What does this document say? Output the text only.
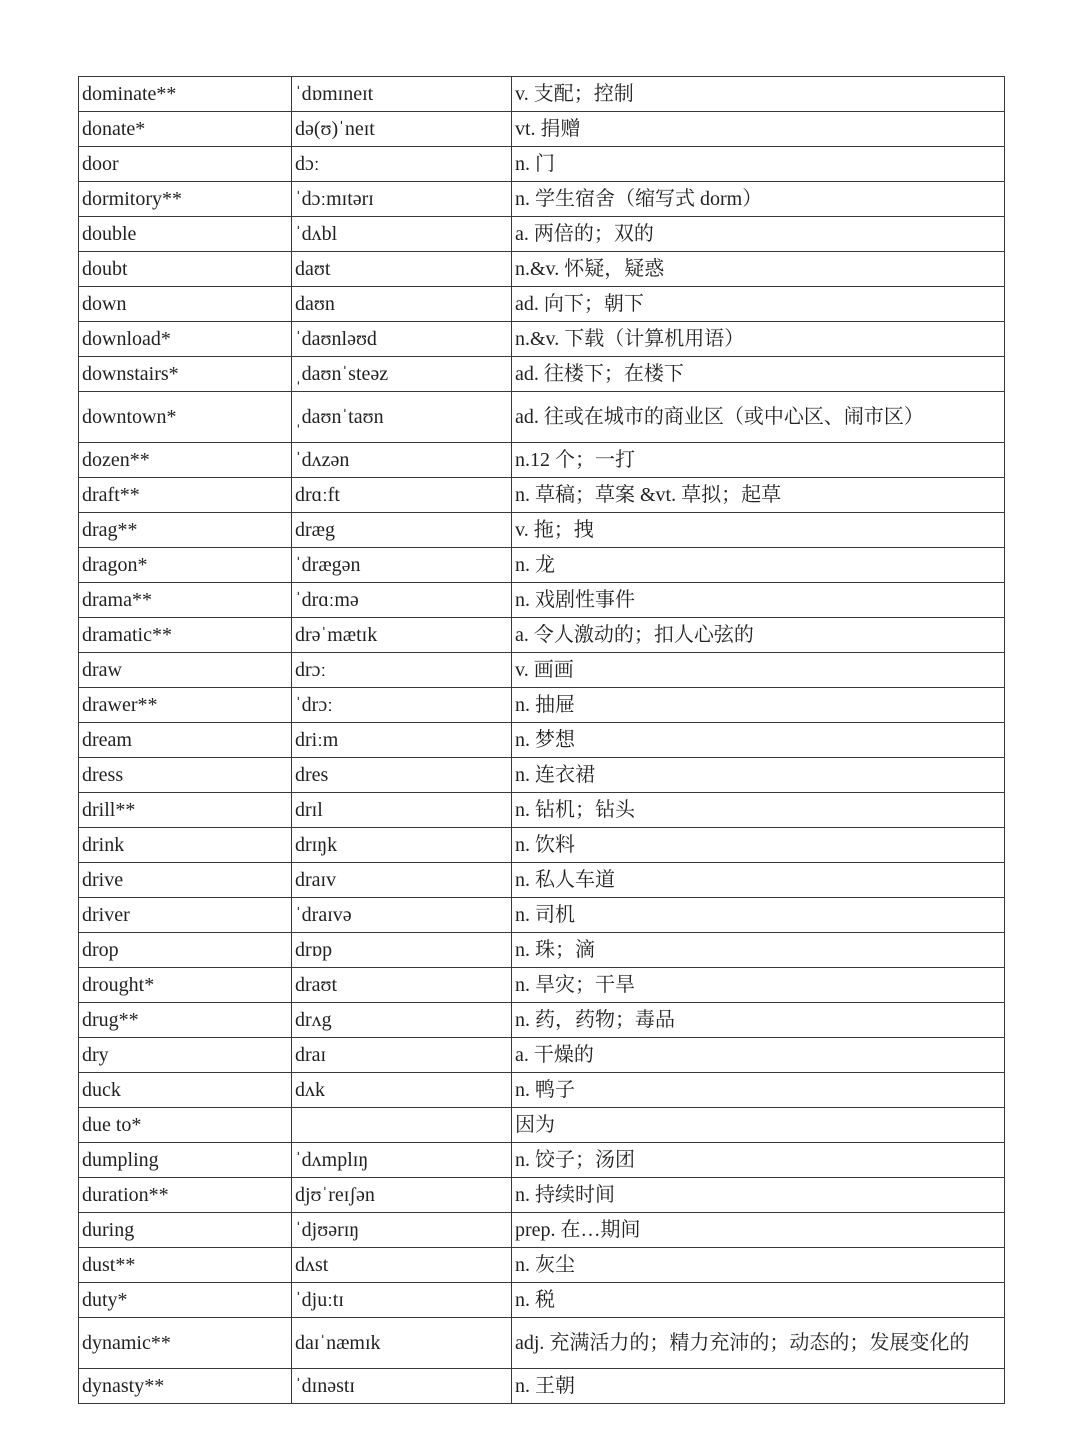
dominate**	ˈdɒmɪneɪt	v. 支配；控制
donate*	də(ʊ)ˈneɪt	vt. 捐赠
door	dɔː	n. 门
dormitory**	ˈdɔːmɪtərɪ	n. 学生宿舍（缩写式 dorm）
double	ˈdʌbl	a. 两倍的；双的
doubt	daʊt	n.&v. 怀疑，疑惑
down	daʊn	ad. 向下；朝下
download*	ˈdaʊnləʊd	n.&v. 下载（计算机用语）
downstairs*	ˌdaʊnˈsteəz	ad. 往楼下；在楼下
downtown*	ˌdaʊnˈtaʊn	ad. 往或在城市的商业区（或中心区、闹市区）
dozen**	ˈdʌzən	n.12 个；一打
draft**	drɑːft	n. 草稿；草案 &vt. 草拟；起草
drag**	dræg	v. 拖；拽
dragon*	ˈdrægən	n. 龙
drama**	ˈdrɑːmə	n. 戏剧性事件
dramatic**	drəˈmætɪk	a. 令人激动的；扣人心弦的
draw	drɔː	v. 画画
drawer**	ˈdrɔː	n. 抽屉
dream	driːm	n. 梦想
dress	dres	n. 连衣裙
drill**	drɪl	n. 钻机；钻头
drink	drɪŋk	n. 饮料
drive	draɪv	n. 私人车道
driver	ˈdraɪvə	n. 司机
drop	drɒp	n. 珠；滴
drought*	draʊt	n. 旱灾；干旱
drug**	drʌg	n. 药，药物；毒品
dry	draɪ	a. 干燥的
duck	dʌk	n. 鸭子
due to*		因为
dumpling	ˈdʌmplɪŋ	n. 饺子；汤团
duration**	djʊˈreɪʃən	n. 持续时间
during	ˈdjʊərɪŋ	prep. 在…期间
dust**	dʌst	n. 灰尘
duty*	ˈdjuːtɪ	n. 税
dynamic**	daɪˈnæmɪk	adj. 充满活力的；精力充沛的；动态的；发展变化的
dynasty**	ˈdɪnəstɪ	n. 王朝
